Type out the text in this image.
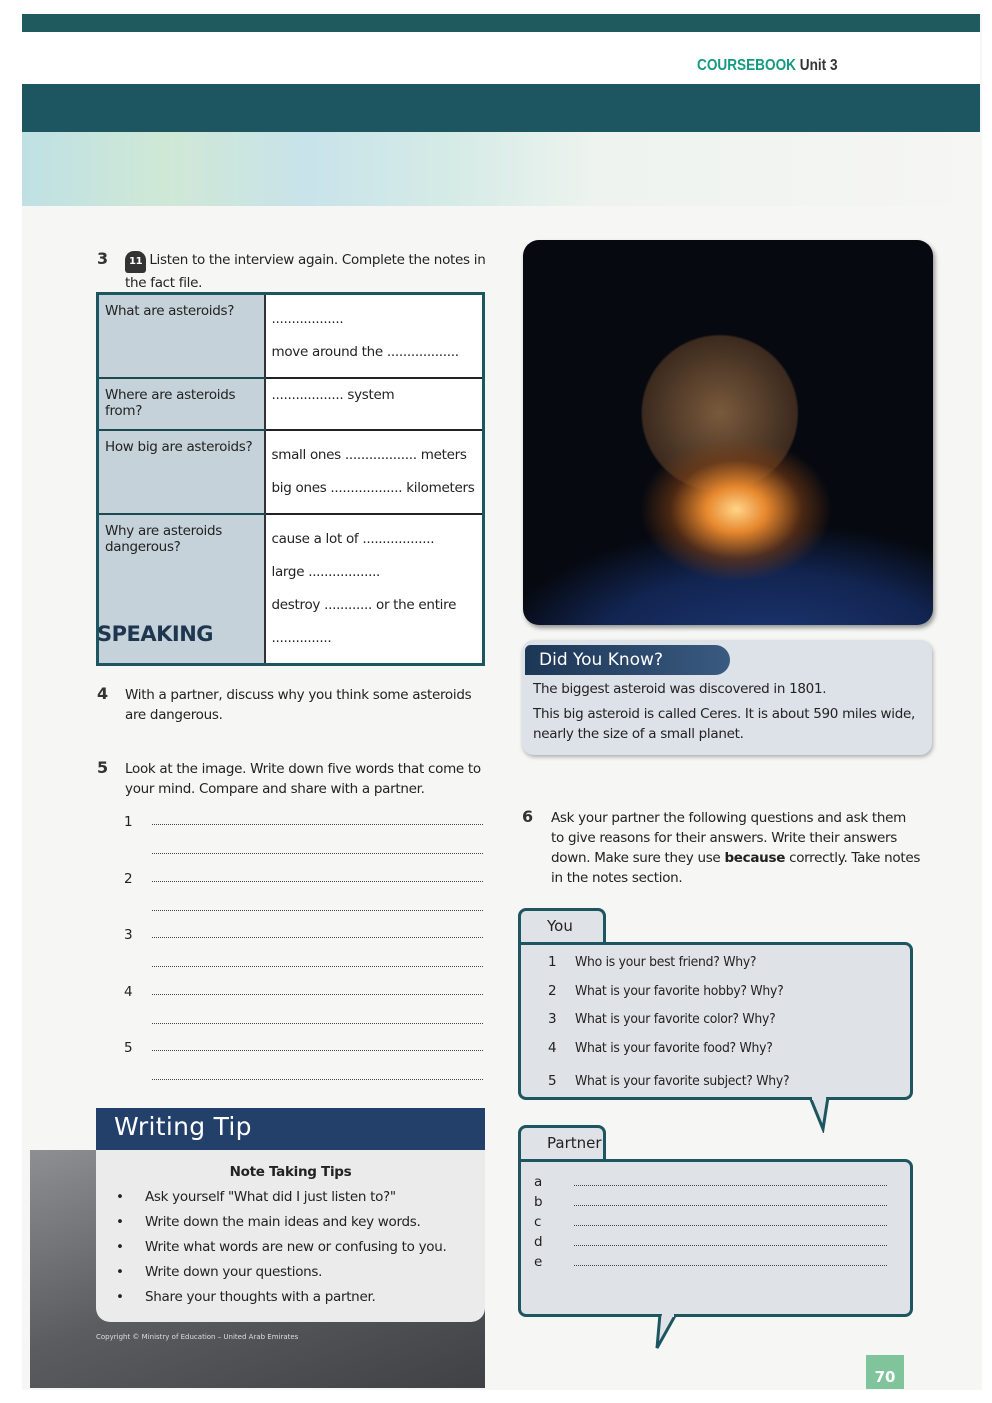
COURSEBOOK Unit 3
3	11 Listen to the interview again. Complete the notes in the fact file.
What are asteroids?	..................
move around the ..................

Where are asteroids from?	.................. system
How big are asteroids?	small ones .................. meters
big ones .................. kilometers

Why are asteroids dangerous?	cause a lot of ..................
large ..................
destroy ............ or the entire
...............
SPEAKING
4 With a partner, discuss why you think some asteroids are dangerous.
5 Look at the image. Write down five words that come to your mind. Compare and share with a partner.
1
2
3
4
5
Did You Know?
The biggest asteroid was discovered in 1801.
This big asteroid is called Ceres. It is about 590 miles wide, nearly the size of a small planet.
6 Ask your partner the following questions and ask them to give reasons for their answers. Write their answers down. Make sure they use because correctly. Take notes in the notes section.
You
1 Who is your best friend? Why?
2 What is your favorite hobby? Why?
3 What is your favorite color? Why?
4 What is your favorite food? Why?
5 What is your favorite subject? Why?
Partner
a
b
c
d
e
Writing Tip
Note Taking Tips
• Ask yourself "What did I just listen to?"
• Write down the main ideas and key words.
• Write what words are new or confusing to you.
• Write down your questions.
• Share your thoughts with a partner.
Copyright © Ministry of Education – United Arab Emirates
70
